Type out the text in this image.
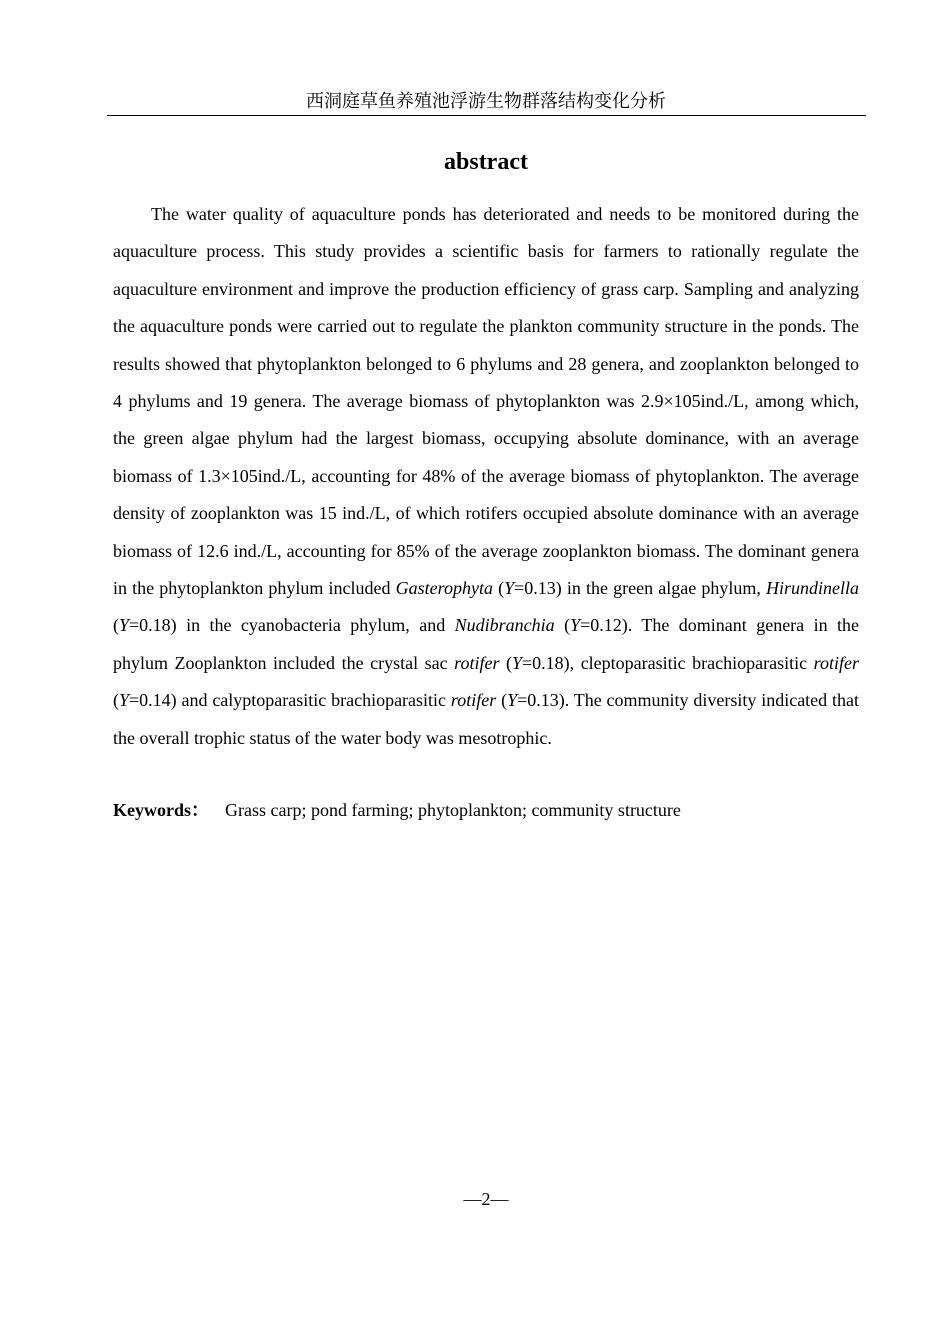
西洞庭草鱼养殖池浮游生物群落结构变化分析
abstract

The water quality of aquaculture ponds has deteriorated and needs to be monitored during the aquaculture process. This study provides a scientific basis for farmers to rationally regulate the aquaculture environment and improve the production efficiency of grass carp. Sampling and analyzing the aquaculture ponds were carried out to regulate the plankton community structure in the ponds. The results showed that phytoplankton belonged to 6 phylums and 28 genera, and zooplankton belonged to 4 phylums and 19 genera. The average biomass of phytoplankton was 2.9×105ind./L, among which, the green algae phylum had the largest biomass, occupying absolute dominance, with an average biomass of 1.3×105ind./L, accounting for 48% of the average biomass of phytoplankton. The average density of zooplankton was 15 ind./L, of which rotifers occupied absolute dominance with an average biomass of 12.6 ind./L, accounting for 85% of the average zooplankton biomass. The dominant genera in the phytoplankton phylum included Gasterophyta (Y=0.13) in the green algae phylum, Hirundinella (Y=0.18) in the cyanobacteria phylum, and Nudibranchia (Y=0.12). The dominant genera in the phylum Zooplankton included the crystal sac rotifer (Y=0.18), cleptoparasitic brachioparasitic rotifer (Y=0.14) and calyptoparasitic brachioparasitic rotifer (Y=0.13). The community diversity indicated that the overall trophic status of the water body was mesotrophic.

Keywords： Grass carp; pond farming; phytoplankton; community structure
—2—
